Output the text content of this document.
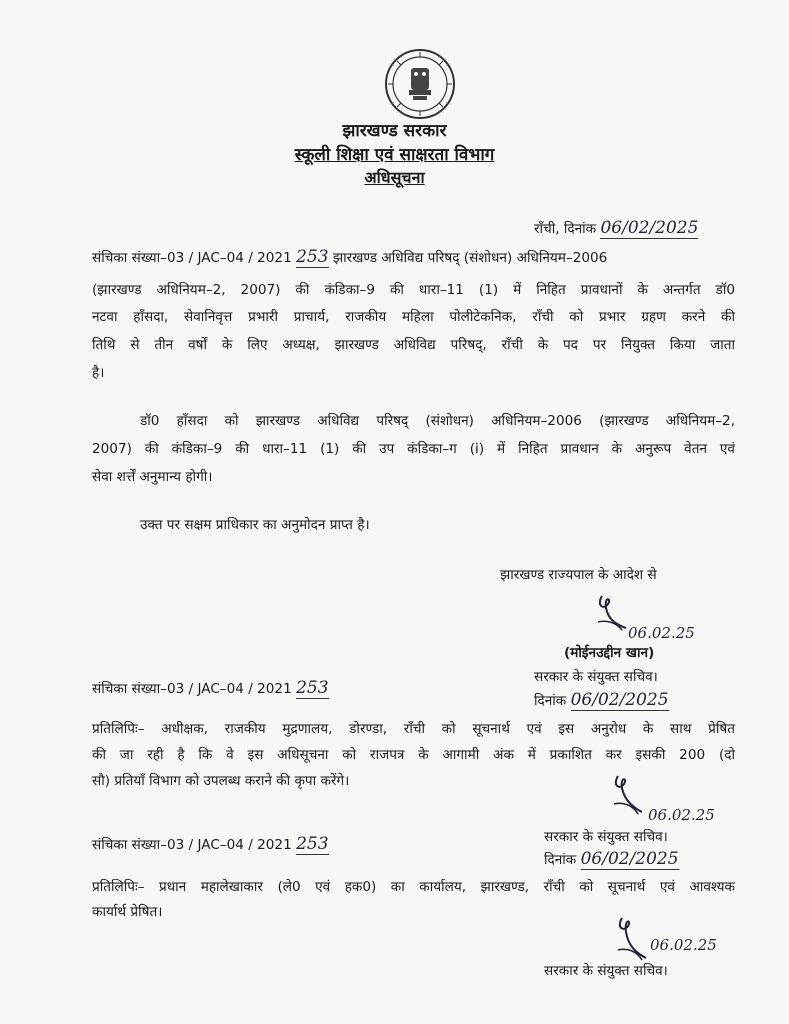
झारखण्ड सरकार
स्कूली शिक्षा एवं साक्षरता विभाग
अधिसूचना
राँची, दिनांक 06/02/2025
संचिका संख्या–03 / JAC–04 / 2021 253 झारखण्ड अधिविद्य परिषद् (संशोधन) अधिनियम–2006
(झारखण्ड अधिनियम–2, 2007) की कंडिका–9 की धारा–11 (1) में निहित प्रावधानों के अन्तर्गत डॉ0
नटवा हाँसदा, सेवानिवृत्त प्रभारी प्राचार्य, राजकीय महिला पोलीटेकनिक, राँची को प्रभार ग्रहण करने की
तिथि से तीन वर्षों के लिए अध्यक्ष, झारखण्ड अधिविद्य परिषद्, राँची के पद पर नियुक्त किया जाता
है।
डॉ0 हाँसदा को झारखण्ड अधिविद्य परिषद् (संशोधन) अधिनियम–2006 (झारखण्ड अधिनियम–2,
2007) की कंडिका–9 की धारा–11 (1) की उप कंडिका–ग (i) में निहित प्रावधान के अनुरूप वेतन एवं
सेवा शर्त्तें अनुमान्य होगी।
उक्त पर सक्षम प्राधिकार का अनुमोदन प्राप्त है।
झारखण्ड राज्यपाल के आदेश से
06.02.25
(मोईनउद्दीन खान)
सरकार के संयुक्त सचिव।
संचिका संख्या–03 / JAC–04 / 2021 253
दिनांक 06/02/2025
प्रतिलिपिः– अधीक्षक, राजकीय मुद्रणालय, डोरण्डा, राँची को सूचनार्थ एवं इस अनुरोध के साथ प्रेषित
की जा रही है कि वे इस अधिसूचना को राजपत्र के आगामी अंक में प्रकाशित कर इसकी 200 (दो
सौ) प्रतियाँ विभाग को उपलब्ध कराने की कृपा करेंगे।
06.02.25
संचिका संख्या–03 / JAC–04 / 2021 253	सरकार के संयुक्त सचिव।
दिनांक 06/02/2025
प्रतिलिपिः– प्रधान महालेखाकार (ले0 एवं हक0) का कार्यालय, झारखण्ड, राँची को सूचनार्थ एवं आवश्यक
कार्यार्थ प्रेषित।
06.02.25
सरकार के संयुक्त सचिव।
